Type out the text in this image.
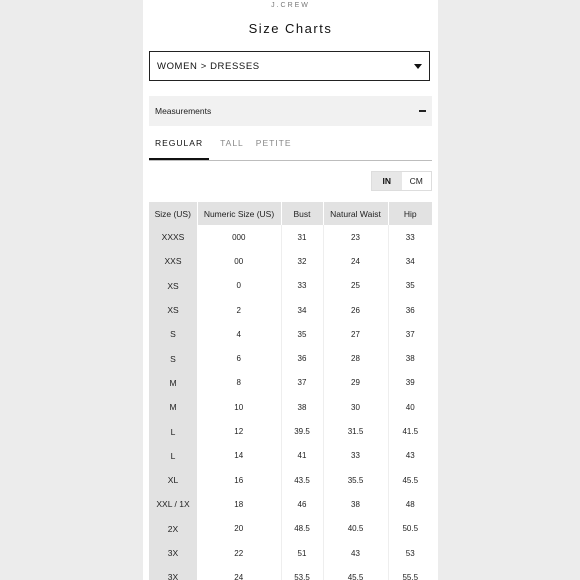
J.CREW
Size Charts
WOMEN > DRESSES
Measurements
REGULAR	TALL	PETITE
IN	CM
Size (US)	Numeric Size (US)	Bust	Natural Waist	Hip
XXXS	000	31	23	33
XXS	00	32	24	34
XS	0	33	25	35
XS	2	34	26	36
S	4	35	27	37
S	6	36	28	38
M	8	37	29	39
M	10	38	30	40
L	12	39.5	31.5	41.5
L	14	41	33	43
XL	16	43.5	35.5	45.5
XXL / 1X	18	46	38	48
2X	20	48.5	40.5	50.5
3X	22	51	43	53
3X	24	53.5	45.5	55.5
